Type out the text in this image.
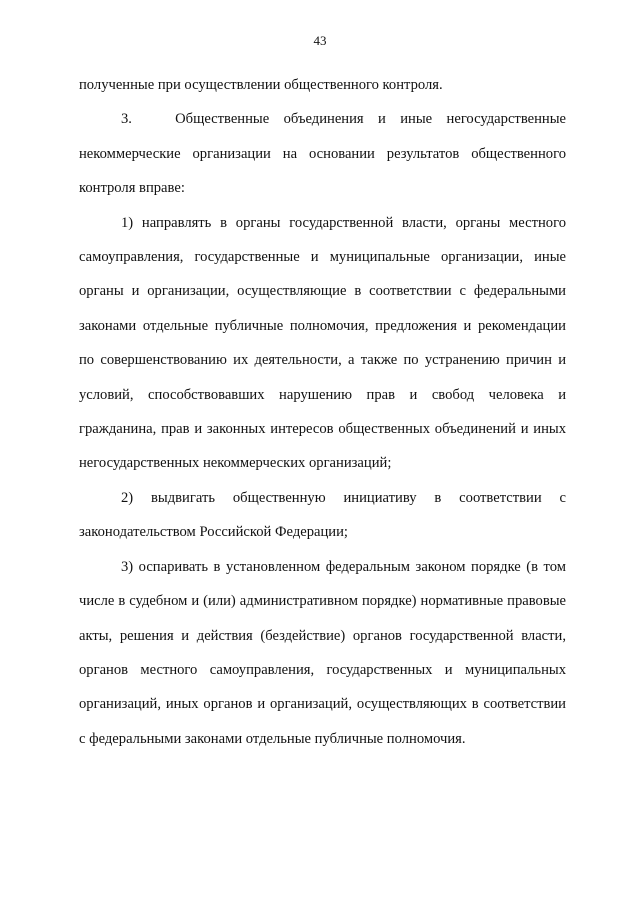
43

полученные при осуществлении общественного контроля.

3.   Общественные объединения и иные негосударственные некоммерческие организации на основании результатов общественного контроля вправе:

1) направлять в органы государственной власти, органы местного самоуправления, государственные и муниципальные организации, иные органы и организации, осуществляющие в соответствии с федеральными законами отдельные публичные полномочия, предложения и рекомендации по совершенствованию их деятельности, а также по устранению причин и условий, способствовавших нарушению прав и свобод человека и гражданина, прав и законных интересов общественных объединений и иных негосударственных некоммерческих организаций;

2) выдвигать общественную инициативу в соответствии с законодательством Российской Федерации;

3) оспаривать в установленном федеральным законом порядке (в том числе в судебном и (или) административном порядке) нормативные правовые акты, решения и действия (бездействие) органов государственной власти, органов местного самоуправления, государственных и муниципальных организаций, иных органов и организаций, осуществляющих в соответствии с федеральными законами отдельные публичные полномочия.
